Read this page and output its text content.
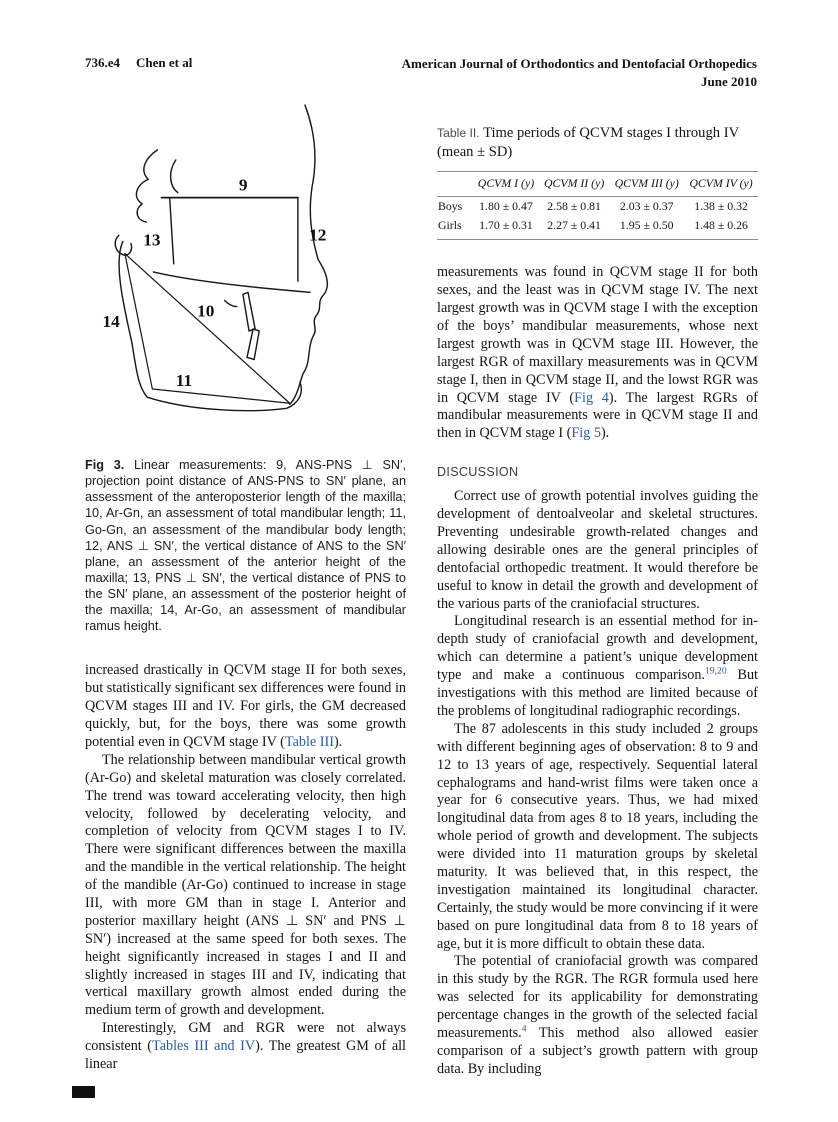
736.e4 Chen et al	American Journal of Orthodontics and Dentofacial Orthopedics
June 2010
9
13	12
14
10
11

Fig 3. Linear measurements: 9, ANS-PNS ⊥ SN′, projection point distance of ANS-PNS to SN′ plane, an assessment of the anteroposterior length of the maxilla; 10, Ar-Gn, an assessment of total mandibular length; 11, Go-Gn, an assessment of the mandibular body length; 12, ANS ⊥ SN′, the vertical distance of ANS to the SN′ plane, an assessment of the anterior height of the maxilla; 13, PNS ⊥ SN′, the vertical distance of PNS to the SN′ plane, an assessment of the posterior height of the maxilla; 14, Ar-Go, an assessment of mandibular ramus height.

increased drastically in QCVM stage II for both sexes, but statistically significant sex differences were found in QCVM stages III and IV. For girls, the GM decreased quickly, but, for the boys, there was some growth potential even in QCVM stage IV (Table III).

The relationship between mandibular vertical growth (Ar-Go) and skeletal maturation was closely correlated. The trend was toward accelerating velocity, then high velocity, followed by decelerating velocity, and completion of velocity from QCVM stages I to IV. There were significant differences between the maxilla and the mandible in the vertical relationship. The height of the mandible (Ar-Go) continued to increase in stage III, with more GM than in stage I. Anterior and posterior maxillary height (ANS ⊥ SN′ and PNS ⊥ SN′) increased at the same speed for both sexes. The height significantly increased in stages I and II and slightly increased in stages III and IV, indicating that vertical maxillary growth almost ended during the medium term of growth and development.

Interestingly, GM and RGR were not always consistent (Tables III and IV). The greatest GM of all linear

Table II. Time periods of QCVM stages I through IV (mean ± SD)
	QCVM I (y)	QCVM II (y)	QCVM III (y)	QCVM IV (y)
Boys	1.80 ± 0.47	2.58 ± 0.81	2.03 ± 0.37	1.38 ± 0.32
Girls	1.70 ± 0.31	2.27 ± 0.41	1.95 ± 0.50	1.48 ± 0.26

measurements was found in QCVM stage II for both sexes, and the least was in QCVM stage IV. The next largest growth was in QCVM stage I with the exception of the boys’ mandibular measurements, whose next largest growth was in QCVM stage III. However, the largest RGR of maxillary measurements was in QCVM stage I, then in QCVM stage II, and the lowst RGR was in QCVM stage IV (Fig 4). The largest RGRs of mandibular measurements were in QCVM stage II and then in QCVM stage I (Fig 5).

DISCUSSION

Correct use of growth potential involves guiding the development of dentoalveolar and skeletal structures. Preventing undesirable growth-related changes and allowing desirable ones are the general principles of dentofacial orthopedic treatment. It would therefore be useful to know in detail the growth and development of the various parts of the craniofacial structures.

Longitudinal research is an essential method for in-depth study of craniofacial growth and development, which can determine a patient’s unique development type and make a continuous comparison.$^{19,20}$ But investigations with this method are limited because of the problems of longitudinal radiographic recordings.

The 87 adolescents in this study included 2 groups with different beginning ages of observation: 8 to 9 and 12 to 13 years of age, respectively. Sequential lateral cephalograms and hand-wrist films were taken once a year for 6 consecutive years. Thus, we had mixed longitudinal data from ages 8 to 18 years, including the whole period of growth and development. The subjects were divided into 11 maturation groups by skeletal maturity. It was believed that, in this respect, the investigation maintained its longitudinal character. Certainly, the study would be more convincing if it were based on pure longitudinal data from 8 to 18 years of age, but it is more difficult to obtain these data.

The potential of craniofacial growth was compared in this study by the RGR. The RGR formula used here was selected for its applicability for demonstrating percentage changes in the growth of the selected facial measurements.$^4$ This method also allowed easier comparison of a subject’s growth pattern with group data. By including
